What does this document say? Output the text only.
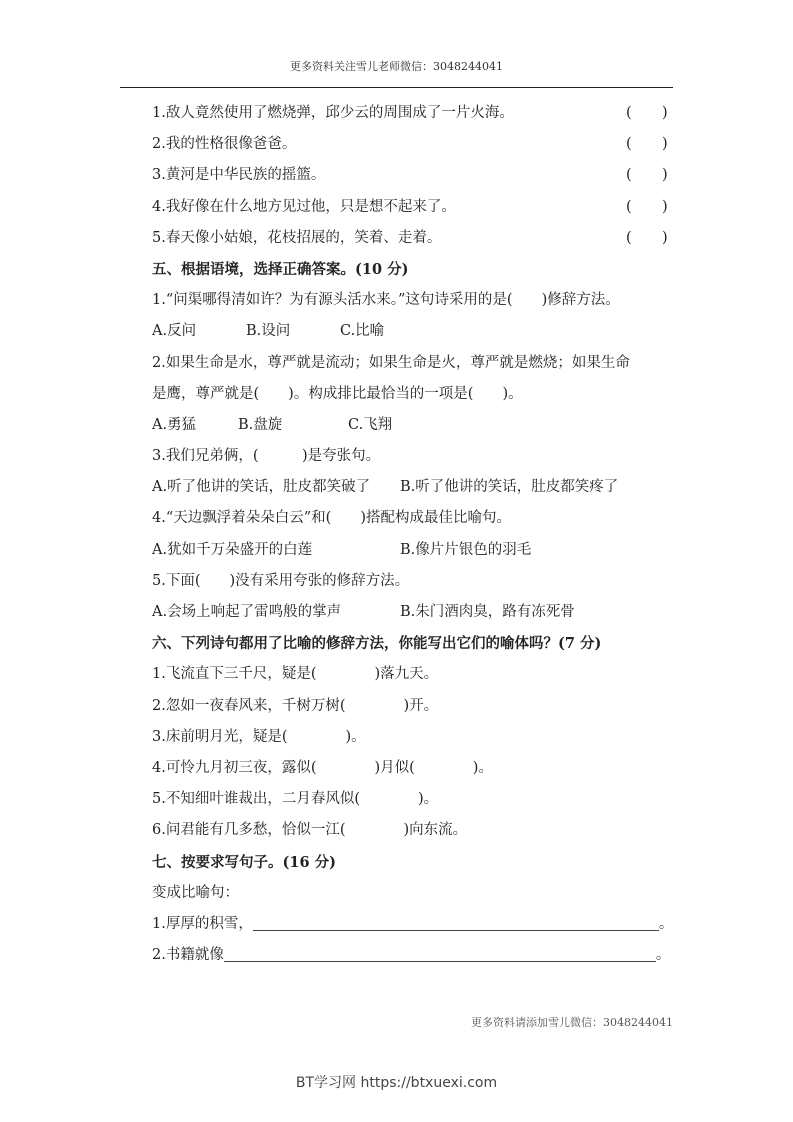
更多资料关注雪儿老师微信：3048244041
1.敌人竟然使用了燃烧弹，邱少云的周围成了一片火海。	( )
2.我的性格很像爸爸。	( )
3.黄河是中华民族的摇篮。	( )
4.我好像在什么地方见过他，只是想不起来了。	( )
5.春天像小姑娘，花枝招展的，笑着、走着。	( )
五、根据语境，选择正确答案。(10 分)
1.“问渠哪得清如许？为有源头活水来。”这句诗采用的是(　　)修辞方法。
A.反问	B.设问	C.比喻
2.如果生命是水，尊严就是流动；如果生命是火，尊严就是燃烧；如果生命
是鹰，尊严就是(　　)。构成排比最恰当的一项是(　　)。
A.勇猛	B.盘旋	C.飞翔
3.我们兄弟俩，(　　　)是夸张句。
A.听了他讲的笑话，肚皮都笑破了 B.听了他讲的笑话，肚皮都笑疼了
4.“天边飘浮着朵朵白云”和(　　)搭配构成最佳比喻句。
A.犹如千万朵盛开的白莲	B.像片片银色的羽毛
5.下面(　　)没有采用夸张的修辞方法。
A.会场上响起了雷鸣般的掌声	B.朱门酒肉臭，路有冻死骨
六、下列诗句都用了比喻的修辞方法，你能写出它们的喻体吗？(7 分)
1.飞流直下三千尺，疑是(　　　　)落九天。
2.忽如一夜春风来，千树万树(　　　　)开。
3.床前明月光，疑是(　　　　)。
4.可怜九月初三夜，露似(　　　　)月似(　　　　)。
5.不知细叶谁裁出，二月春风似(　　　　)。
6.问君能有几多愁，恰似一江(　　　　)向东流。
七、按要求写句子。(16 分)
变成比喻句：
1.厚厚的积雪，	。
2.书籍就像	。
更多资料请添加雪儿微信：3048244041
BT学习网 https://btxuexi.com
